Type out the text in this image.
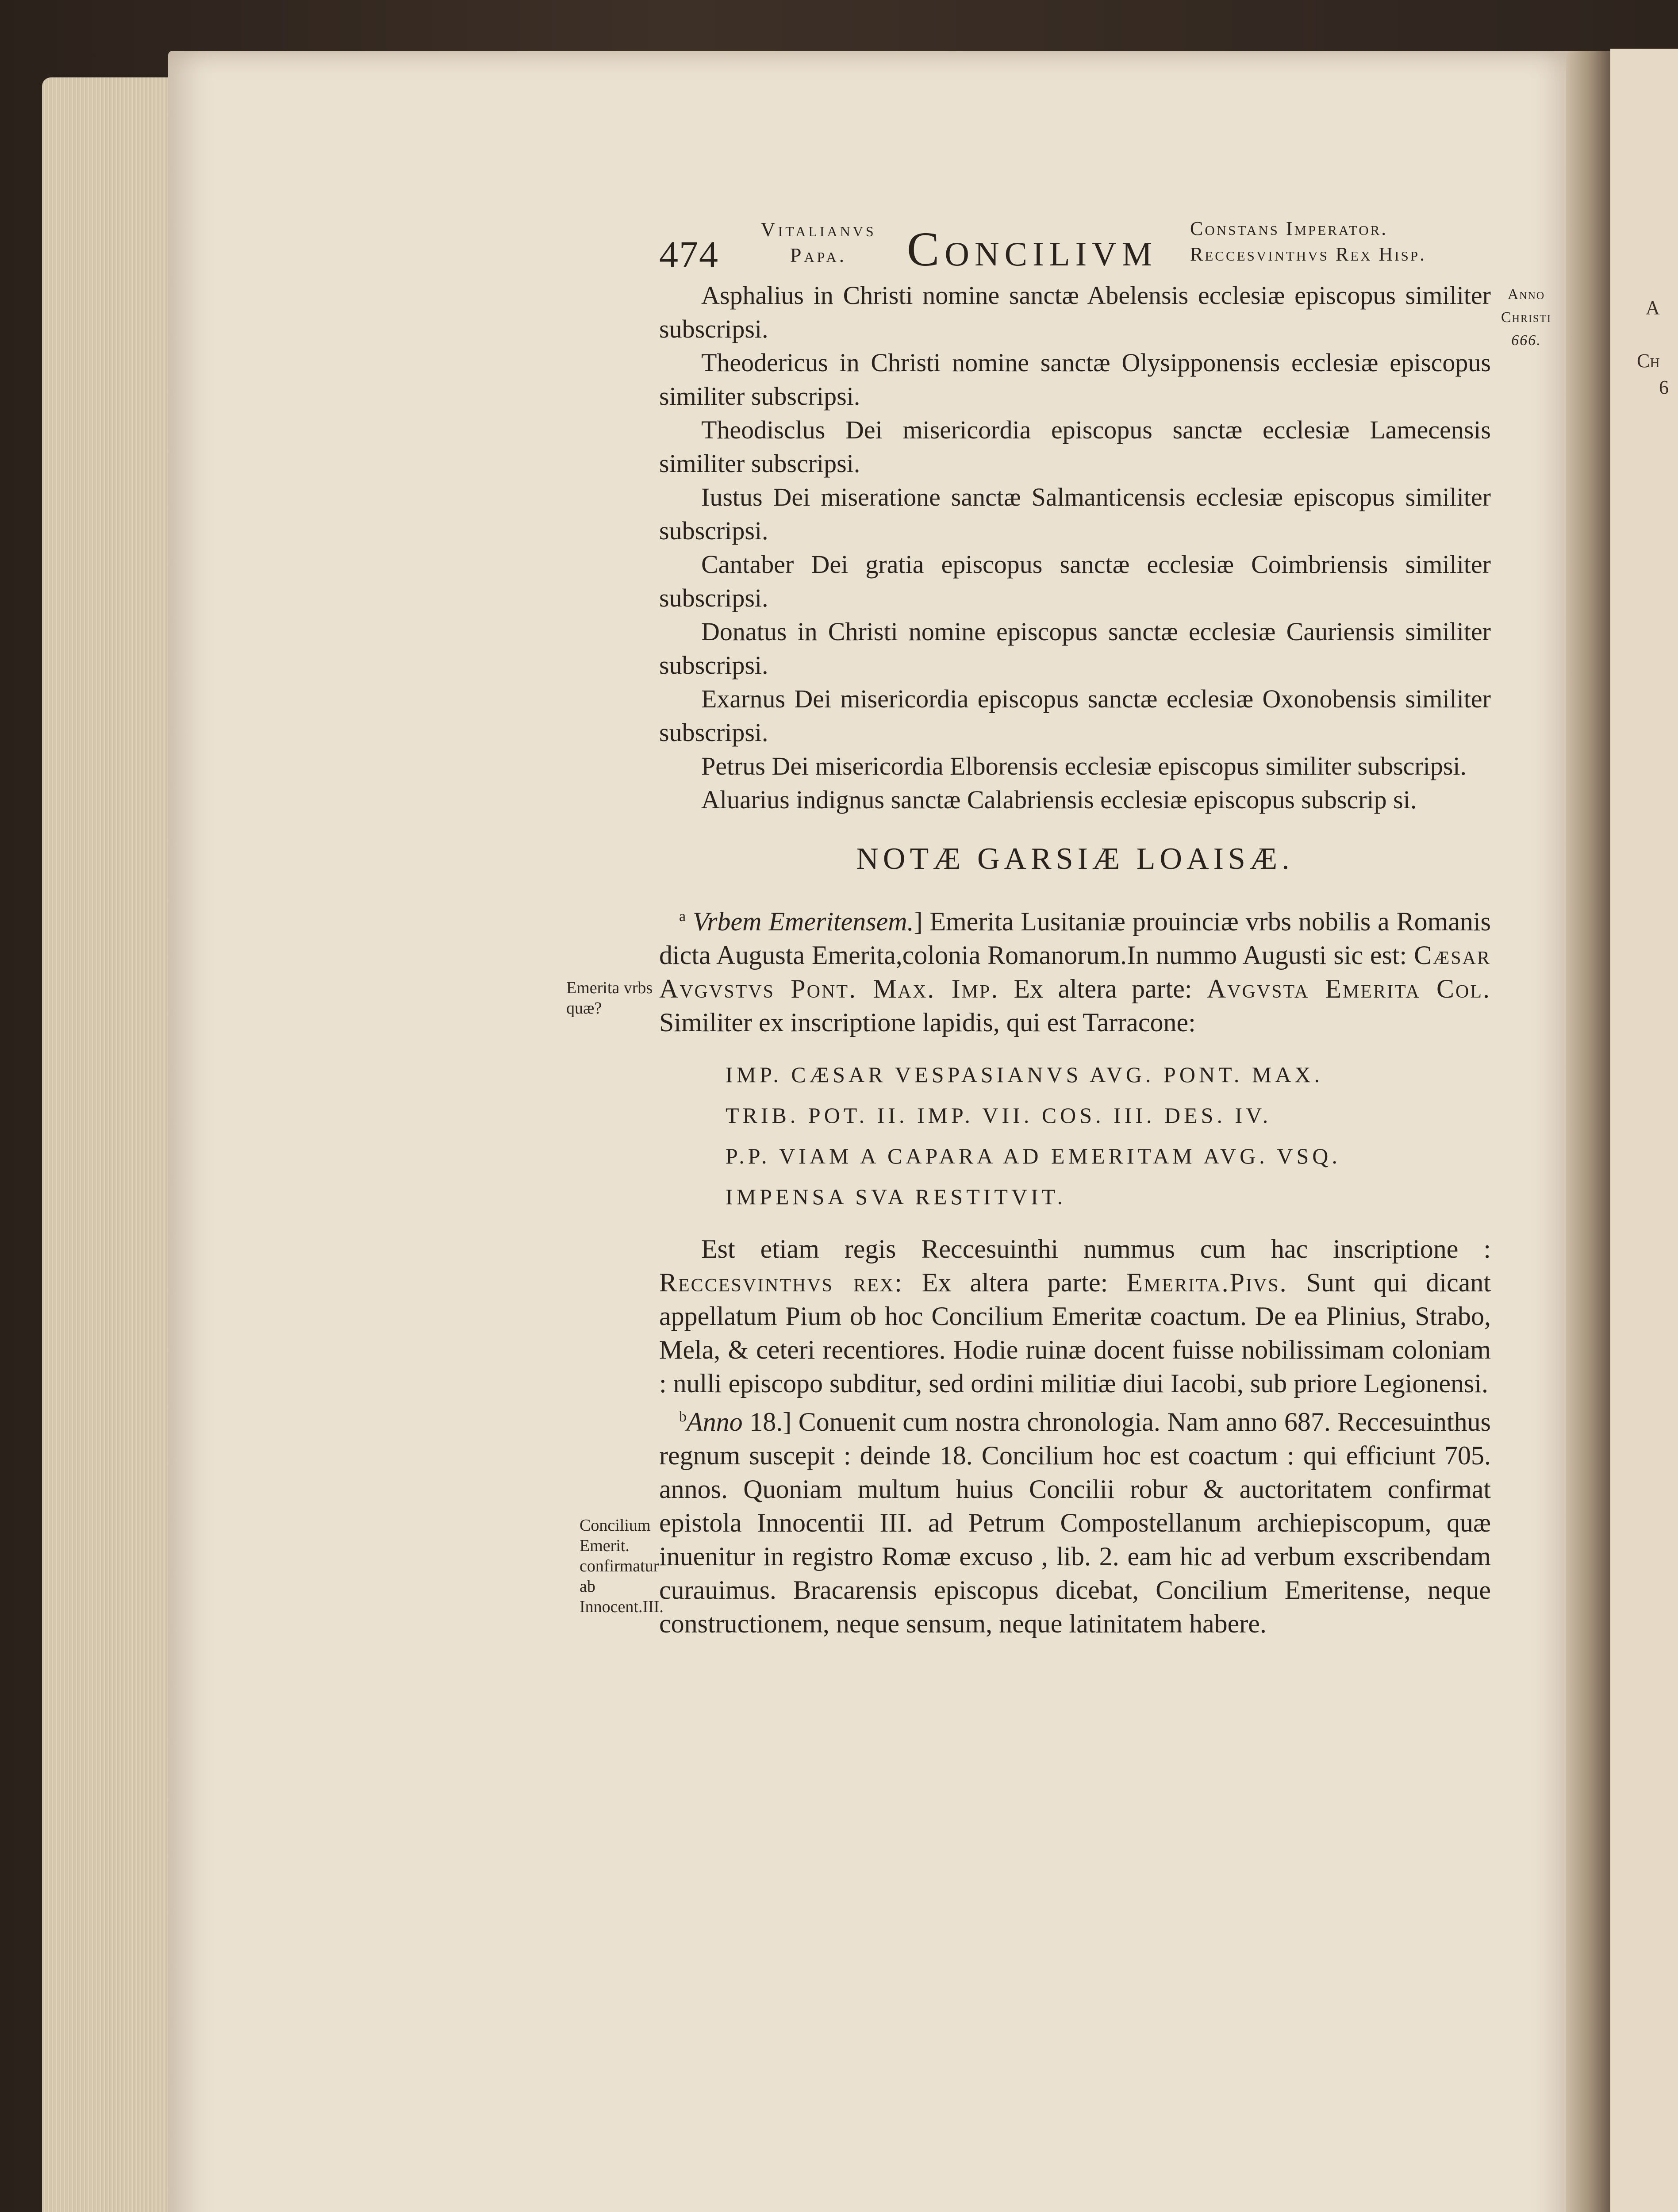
A
Ch
6
474
Vitalianvs
Papa.	Concilivm Constans Imperator.
Reccesvinthvs Rex Hisp.
Anno
Christi
666.
Emerita vrbs quæ?
Concilium Emerit. confirmatur ab Innocent.III.

Asphalius in Christi nomine sanctæ Abelensis ecclesiæ episcopus similiter subscripsi.

Theodericus in Christi nomine sanctæ Olysipponensis ecclesiæ episcopus similiter subscripsi.

Theodisclus Dei misericordia episcopus sanctæ ecclesiæ Lamecensis similiter subscripsi.

Iustus Dei miseratione sanctæ Salmanticensis ecclesiæ episcopus similiter subscripsi.

Cantaber Dei gratia episcopus sanctæ ecclesiæ Coimbriensis similiter subscripsi.

Donatus in Christi nomine episcopus sanctæ ecclesiæ Cauriensis similiter subscripsi.

Exarnus Dei misericordia episcopus sanctæ ecclesiæ Oxonobensis similiter subscripsi.

Petrus Dei misericordia Elborensis ecclesiæ episcopus similiter subscripsi.

Aluarius indignus sanctæ Calabriensis ecclesiæ episcopus subscrip si.

NOTÆ GARSIÆ LOAISÆ.

$^a$ Vrbem Emeritensem.] Emerita Lusitaniæ prouinciæ vrbs nobilis a Romanis dicta Augusta Emerita,colonia Romanorum.In nummo Augusti sic est: Cæsar Avgvstvs Pont. Max. Imp. Ex altera parte: Avgvsta Emerita Col. Similiter ex inscriptione lapidis, qui est Tarracone:

IMP. CÆSAR VESPASIANVS AVG. PONT. MAX.
TRIB. POT. II. IMP. VII. COS. III. DES. IV.
P.P. VIAM A CAPARA AD EMERITAM AVG. VSQ.
IMPENSA SVA RESTITVIT.

Est etiam regis Reccesuinthi nummus cum hac inscriptione : Reccesvinthvs rex: Ex altera parte: Emerita.Pivs. Sunt qui dicant appellatum Pium ob hoc Concilium Emeritæ coactum. De ea Plinius, Strabo, Mela, & ceteri recentiores. Hodie ruinæ docent fuisse nobilissimam coloniam : nulli episcopo subditur, sed ordini militiæ diui Iacobi, sub priore Legionensi.

$^b$Anno 18.] Conuenit cum nostra chronologia. Nam anno 687. Reccesuinthus regnum suscepit : deinde 18. Concilium hoc est coactum : qui efficiunt 705. annos. Quoniam multum huius Concilii robur & auctoritatem confirmat epistola Innocentii III. ad Petrum Compostellanum archiepiscopum, quæ inuenitur in registro Romæ excuso , lib. 2. eam hic ad verbum exscribendam curauimus. Bracarensis episcopus dicebat, Concilium Emeritense, neque constructionem, neque sensum, neque latinitatem habere.
